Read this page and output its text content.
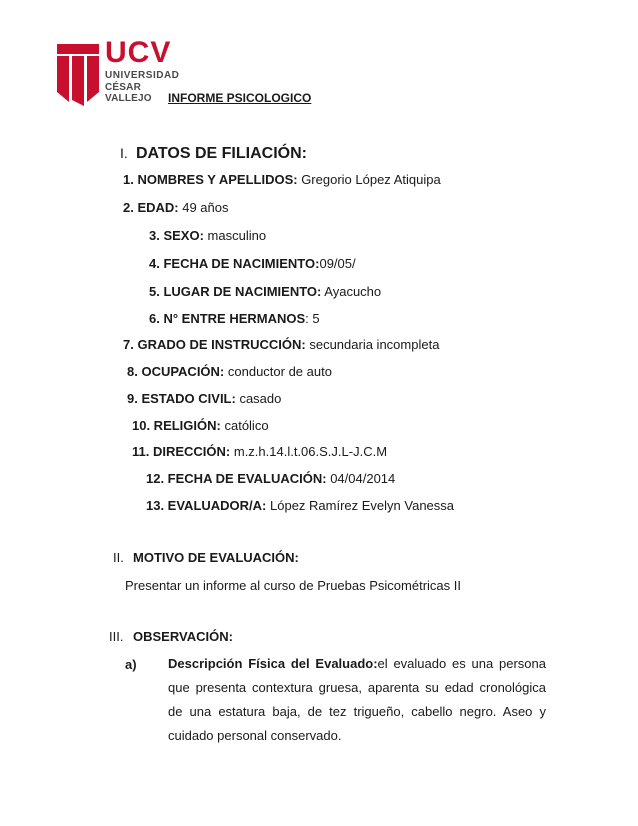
UCV
UNIVERSIDAD
CÉSAR VALLEJO	INFORME PSICOLOGICO
I. DATOS DE FILIACIÓN:
1. NOMBRES Y APELLIDOS: Gregorio López Atiquipa
2. EDAD: 49 años
3. SEXO: masculino
4. FECHA DE NACIMIENTO:09/05/
5. LUGAR DE NACIMIENTO: Ayacucho
6. N° ENTRE HERMANOS: 5
7. GRADO DE INSTRUCCIÓN: secundaria incompleta
8. OCUPACIÓN: conductor de auto
9. ESTADO CIVIL: casado
10. RELIGIÓN: católico
11. DIRECCIÓN: m.z.h.14.l.t.06.S.J.L-J.C.M
12. FECHA DE EVALUACIÓN: 04/04/2014
13. EVALUADOR/A: López Ramírez Evelyn Vanessa
II. MOTIVO DE EVALUACIÓN:
Presentar un informe al curso de Pruebas Psicométricas II
III. OBSERVACIÓN:
a) Descripción Física del Evaluado:el evaluado es una persona que presenta contextura gruesa, aparenta su edad cronológica de una estatura baja, de tez trigueño, cabello negro. Aseo y cuidado personal conservado.
